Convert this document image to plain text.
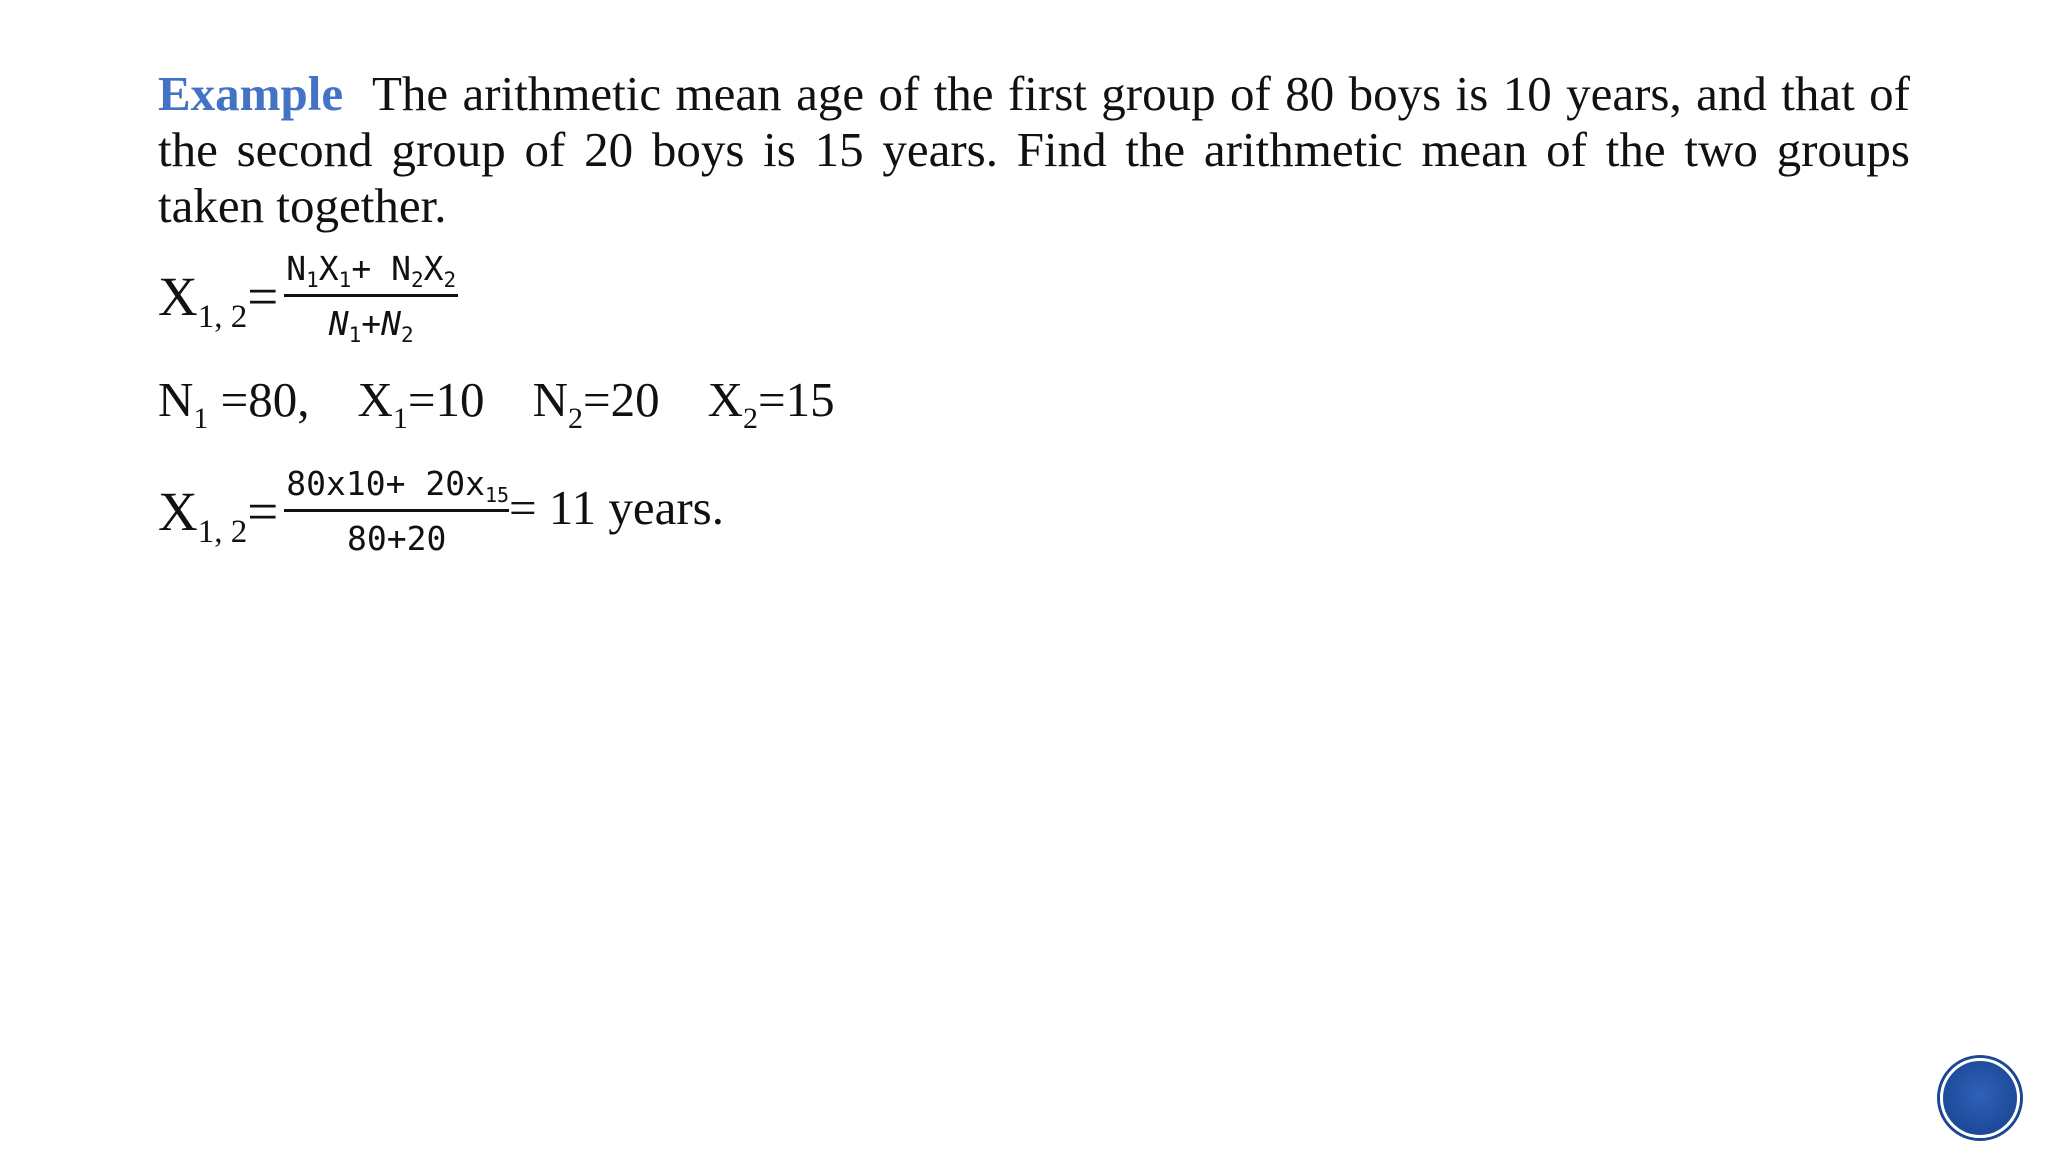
Example The arithmetic mean age of the first group of 80 boys is 10 years, and that of the second group of 20 boys is 15 years. Find the arithmetic mean of the two groups taken together.

$X_{1, 2} = \frac{N_1X_1+ N_2X_2}{N_1+N_2}$
$N_1 =80$, $X_1=10$ $N_2=20$ $X_2=15$
$X_{1, 2} = \frac{80x10+ 20x_{15}}{80+20} = 11$ years.
